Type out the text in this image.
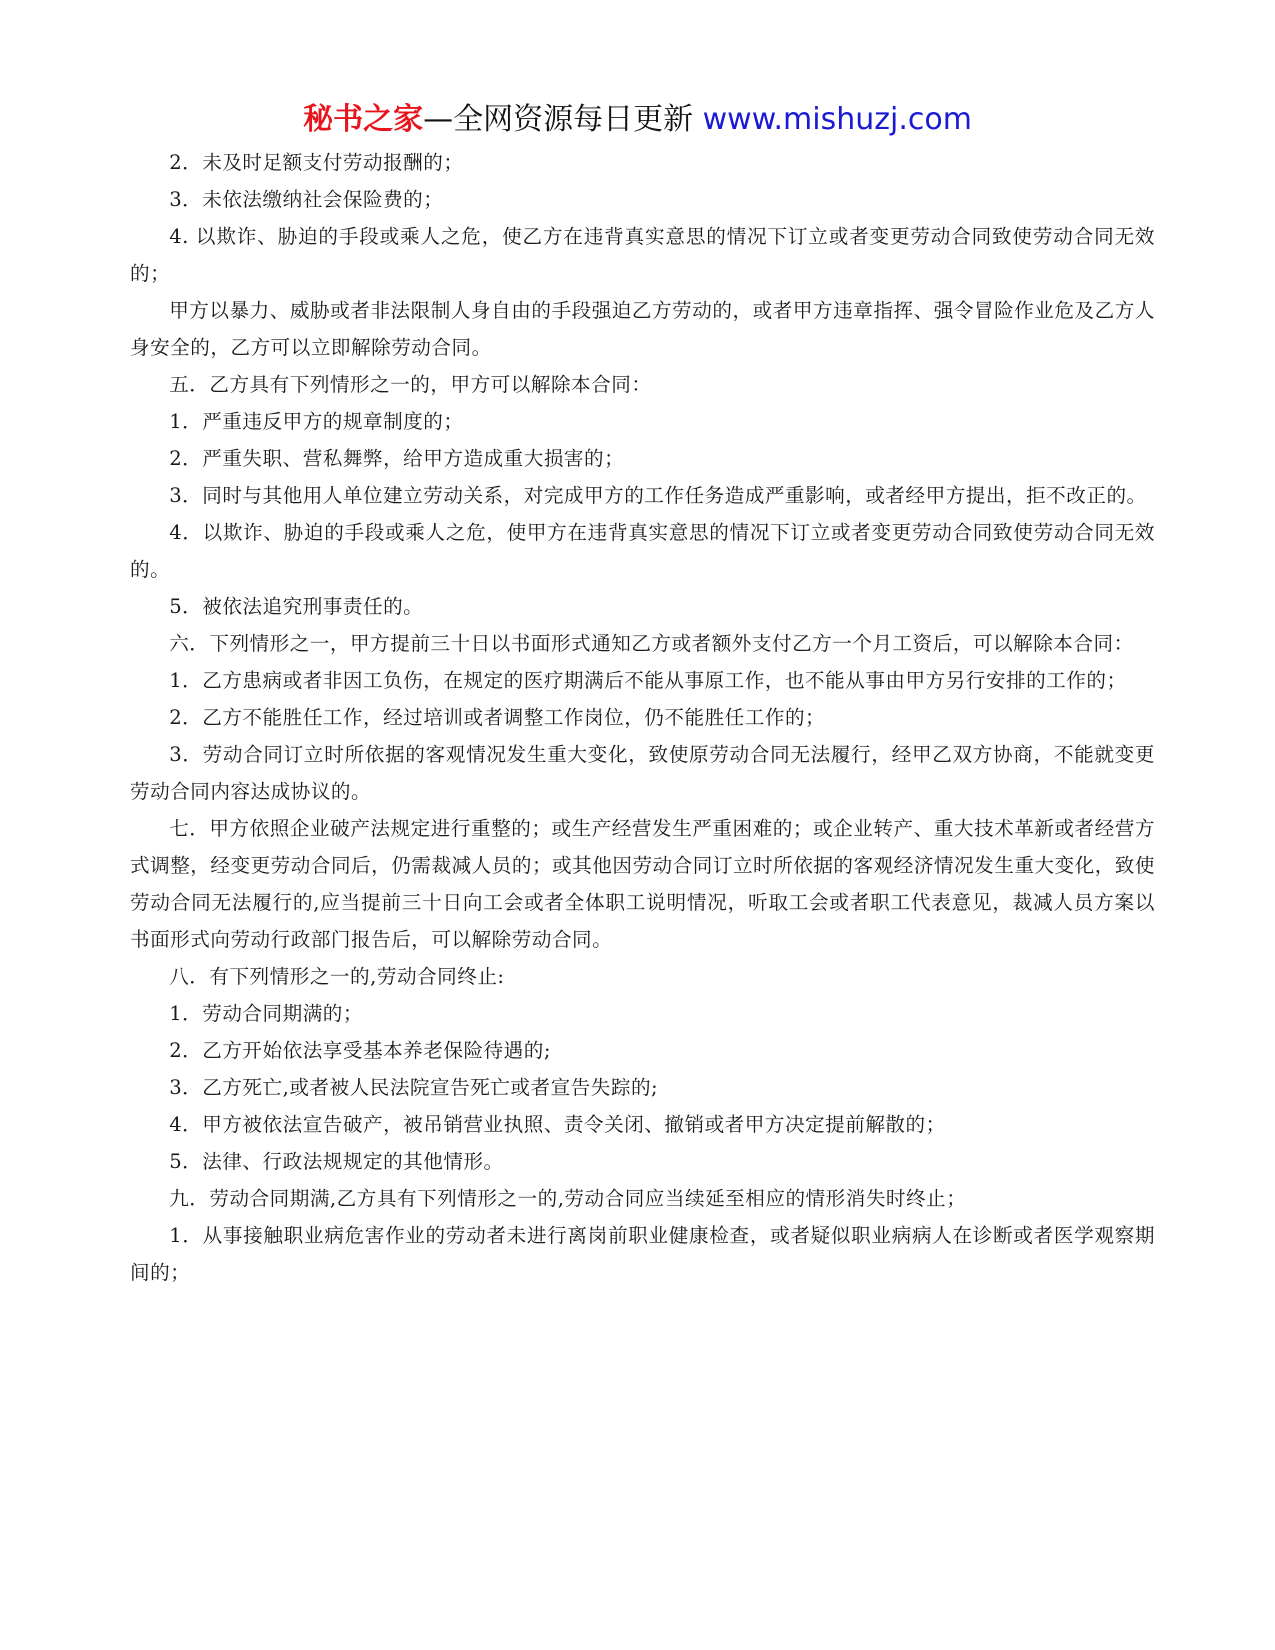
秘书之家—全网资源每日更新 www.mishuzj.com

2．未及时足额支付劳动报酬的；

3．未依法缴纳社会保险费的；

4. 以欺诈、胁迫的手段或乘人之危，使乙方在违背真实意思的情况下订立或者变更劳动合同致使劳动合同无效的；

甲方以暴力、威胁或者非法限制人身自由的手段强迫乙方劳动的，或者甲方违章指挥、强令冒险作业危及乙方人身安全的，乙方可以立即解除劳动合同。

五．乙方具有下列情形之一的，甲方可以解除本合同：

1．严重违反甲方的规章制度的；

2．严重失职、营私舞弊，给甲方造成重大损害的；

3．同时与其他用人单位建立劳动关系，对完成甲方的工作任务造成严重影响，或者经甲方提出，拒不改正的。

4．以欺诈、胁迫的手段或乘人之危，使甲方在违背真实意思的情况下订立或者变更劳动合同致使劳动合同无效的。

5．被依法追究刑事责任的。

六．下列情形之一，甲方提前三十日以书面形式通知乙方或者额外支付乙方一个月工资后，可以解除本合同：

1．乙方患病或者非因工负伤，在规定的医疗期满后不能从事原工作，也不能从事由甲方另行安排的工作的；

2．乙方不能胜任工作，经过培训或者调整工作岗位，仍不能胜任工作的；

3．劳动合同订立时所依据的客观情况发生重大变化，致使原劳动合同无法履行，经甲乙双方协商，不能就变更劳动合同内容达成协议的。

七．甲方依照企业破产法规定进行重整的；或生产经营发生严重困难的；或企业转产、重大技术革新或者经营方式调整，经变更劳动合同后，仍需裁减人员的；或其他因劳动合同订立时所依据的客观经济情况发生重大变化，致使劳动合同无法履行的,应当提前三十日向工会或者全体职工说明情况，听取工会或者职工代表意见，裁减人员方案以书面形式向劳动行政部门报告后，可以解除劳动合同。

八．有下列情形之一的,劳动合同终止:

1．劳动合同期满的；

2．乙方开始依法享受基本养老保险待遇的;

3．乙方死亡,或者被人民法院宣告死亡或者宣告失踪的;

4．甲方被依法宣告破产，被吊销营业执照、责令关闭、撤销或者甲方决定提前解散的；

5．法律、行政法规规定的其他情形。

九．劳动合同期满,乙方具有下列情形之一的,劳动合同应当续延至相应的情形消失时终止；

1．从事接触职业病危害作业的劳动者未进行离岗前职业健康检查，或者疑似职业病病人在诊断或者医学观察期间的；
